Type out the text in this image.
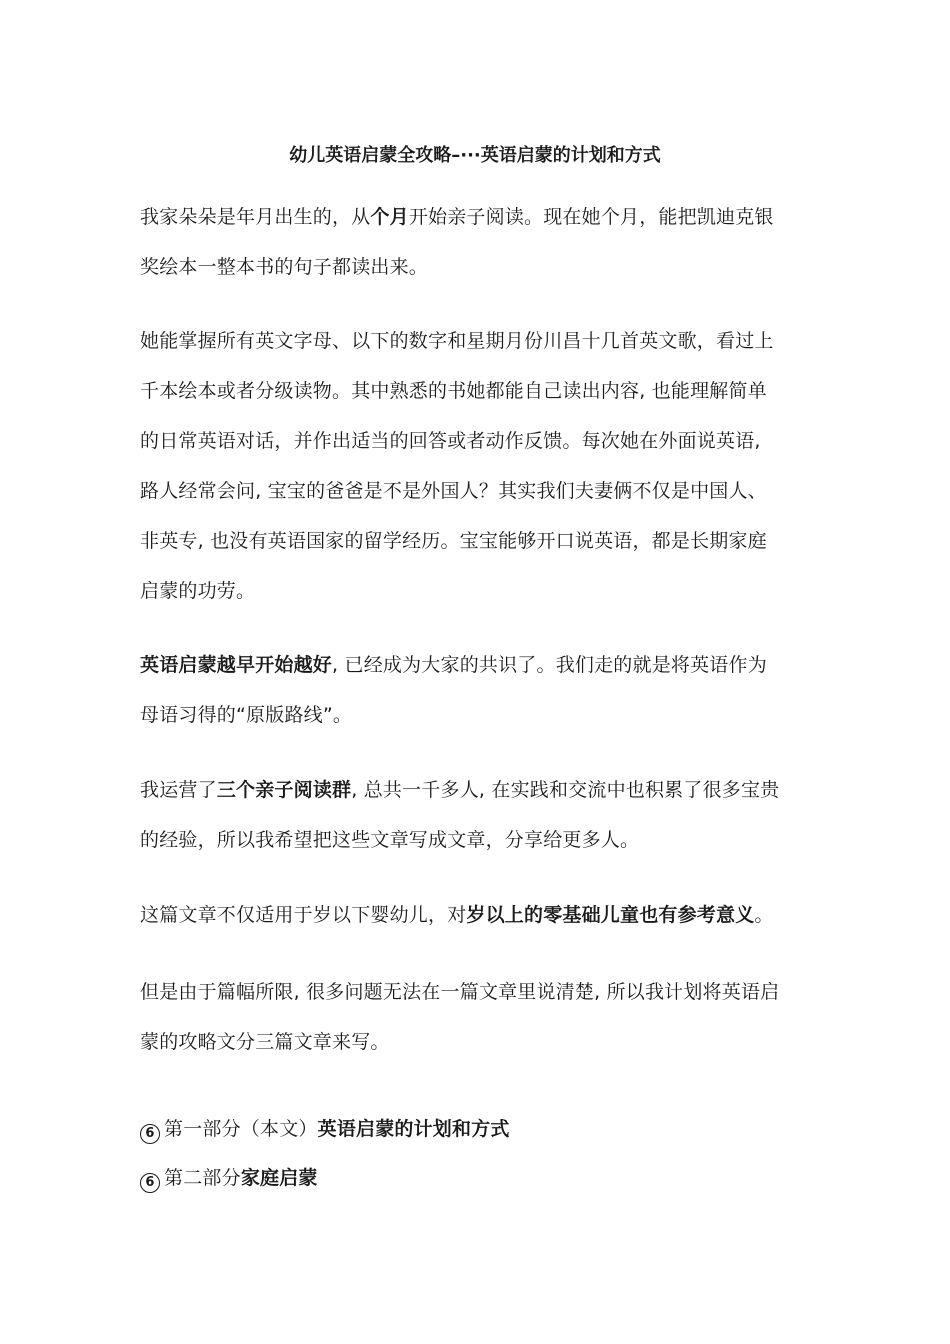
幼儿英语启蒙全攻略–···英语启蒙的计划和方式
我家朵朵是年月出生的，从个月开始亲子阅读。现在她个月，能把凯迪克银
奖绘本一整本书的句子都读出来。
她能掌握所有英文字母、以下的数字和星期月份川昌十几首英文歌，看过上
千本绘本或者分级读物。其中熟悉的书她都能自己读出内容, 也能理解简单
的日常英语对话，并作出适当的回答或者动作反馈。每次她在外面说英语,
路人经常会问, 宝宝的爸爸是不是外国人？其实我们夫妻俩不仅是中国人、
非英专, 也没有英语国家的留学经历。宝宝能够开口说英语，都是长期家庭
启蒙的功劳。
英语启蒙越早开始越好, 已经成为大家的共识了。我们走的就是将英语作为
母语习得的“原版路线”。
我运营了三个亲子阅读群, 总共一千多人, 在实践和交流中也积累了很多宝贵
的经验，所以我希望把这些文章写成文章，分享给更多人。
这篇文章不仅适用于岁以下婴幼儿，对岁以上的零基础儿童也有参考意义。
但是由于篇幅所限, 很多问题无法在一篇文章里说清楚, 所以我计划将英语启
蒙的攻略文分三篇文章来写。
6 第一部分（本文）英语启蒙的计划和方式
6 第二部分家庭启蒙
